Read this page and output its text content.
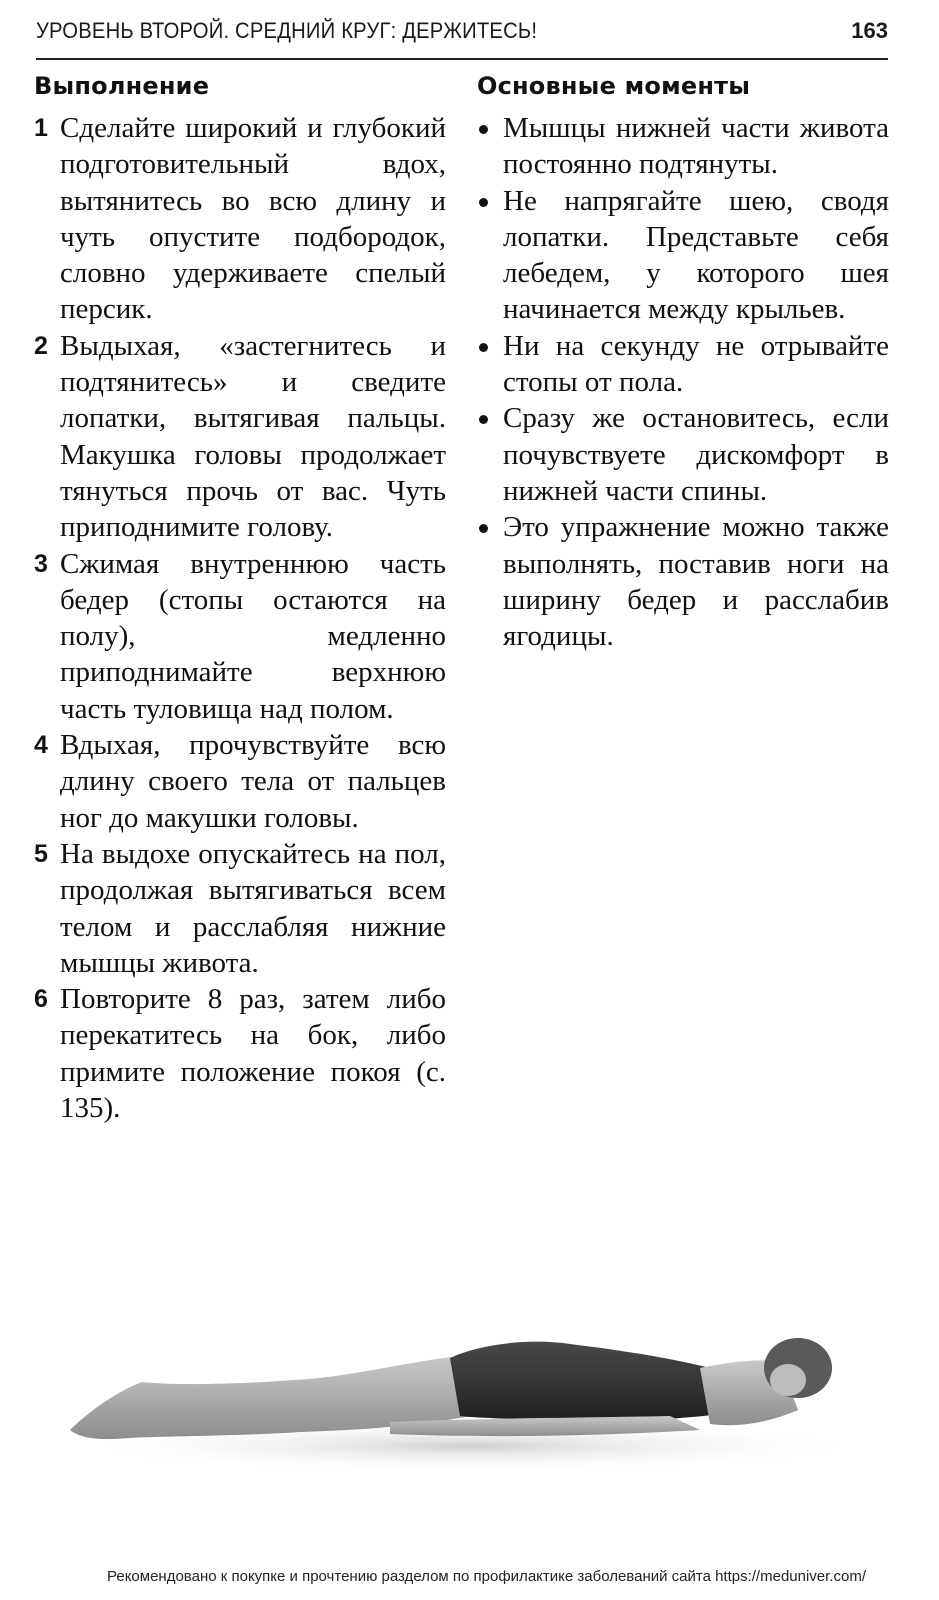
УРОВЕНЬ ВТОРОЙ. СРЕДНИЙ КРУГ: ДЕРЖИТЕСЬ!	163
Выполнение
1 Сделайте широкий и глубокий подготовительный вдох, вытянитесь во всю длину и чуть опустите подбородок, словно удерживаете спелый персик.
2 Выдыхая, «застегнитесь и подтянитесь» и сведите лопатки, вытягивая пальцы. Макушка головы продолжает тянуться прочь от вас. Чуть приподнимите голову.
3 Сжимая внутреннюю часть бедер (стопы остаются на полу), медленно приподнимайте верхнюю часть туловища над полом.
4 Вдыхая, прочувствуйте всю длину своего тела от пальцев ног до макушки головы.
5 На выдохе опускайтесь на пол, продолжая вытягиваться всем телом и расслабляя нижние мышцы живота.
6 Повторите 8 раз, затем либо перекатитесь на бок, либо примите положение покоя (с. 135).
Основные моменты
Мышцы нижней части живота постоянно подтянуты.
Не напрягайте шею, сводя лопатки. Представьте себя лебедем, у которого шея начинается между крыльев.
Ни на секунду не отрывайте стопы от пола.
Сразу же остановитесь, если почувствуете дискомфорт в нижней части спины.
Это упражнение можно также выполнять, поставив ноги на ширину бедер и расслабив ягодицы.
Рекомендовано к покупке и прочтению разделом по профилактике заболеваний сайта https://meduniver.com/
